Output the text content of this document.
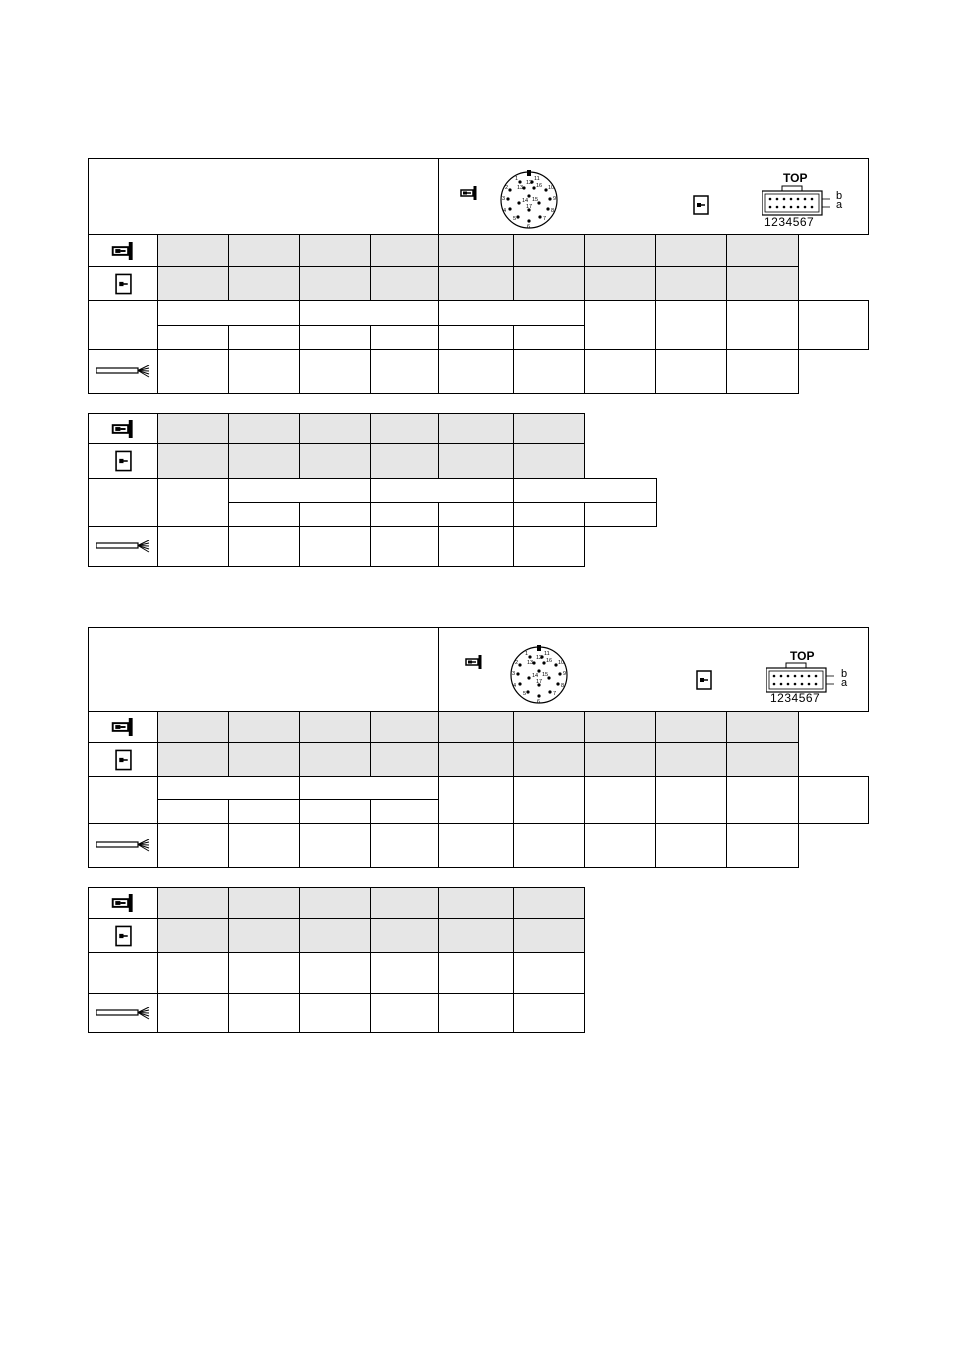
TOP
b
a
1234567

TOP
b
a
1234567
